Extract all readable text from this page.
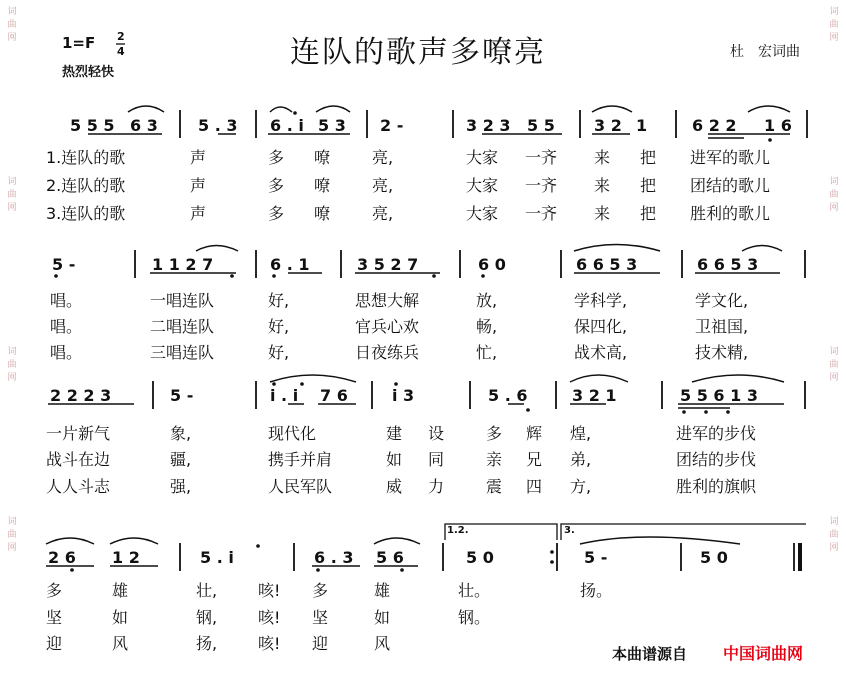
词
曲
网
词
曲
网
词
曲
网
词
曲
网
词
曲
网
词
曲
网
词
曲
网
词
曲
网
1=F 2
4
热烈轻快
连队的歌声多嘹亮	杜　宏词曲
5 5 5 6 3	5 . 3 6 . i 5 3 2 -	3 2 3 5 5 3 2 1	6 2 2 1 6
1.连队的歌	声	多 嘹	亮,	大家 一齐 来 把 进军的歌儿
2.连队的歌	声	多 嘹	亮,	大家 一齐 来 把 团结的歌儿
3.连队的歌	声	多 嘹	亮,	大家 一齐 来 把 胜利的歌儿
5 -	1 1 2 7	6 . 1	3 5 2 7	6 0	6 6 5 3	6 6 5 3
唱。	一唱连队	好,	思想大解	放,	学科学,	学文化,
唱。	二唱连队	好,	官兵心欢	畅,	保四化,	卫祖国,
唱。	三唱连队	好,	日夜练兵	忙,	战术高,	技术精,
2 2 2 3	5 -	i . i 7 6	i 3	5 . 6	3 2 1	5 5 6 1 3
一片新气	象,	现代化	建 设	多 辉 煌,	进军的步伐
战斗在边	疆,	携手并肩	如 同	亲 兄 弟,	团结的步伐
人人斗志	强,	人民军队	威 力	震 四 方,	胜利的旗帜
1.2.	3.
2 6 1 2	5 . i	6 . 3 5 6	5 0	5 -	5 0
多	雄	壮,	咳! 多	雄	壮。	扬。
坚	如	钢,	咳! 坚	如	钢。
迎	风	扬,	咳! 迎	风
本曲谱源自 中国词曲网
